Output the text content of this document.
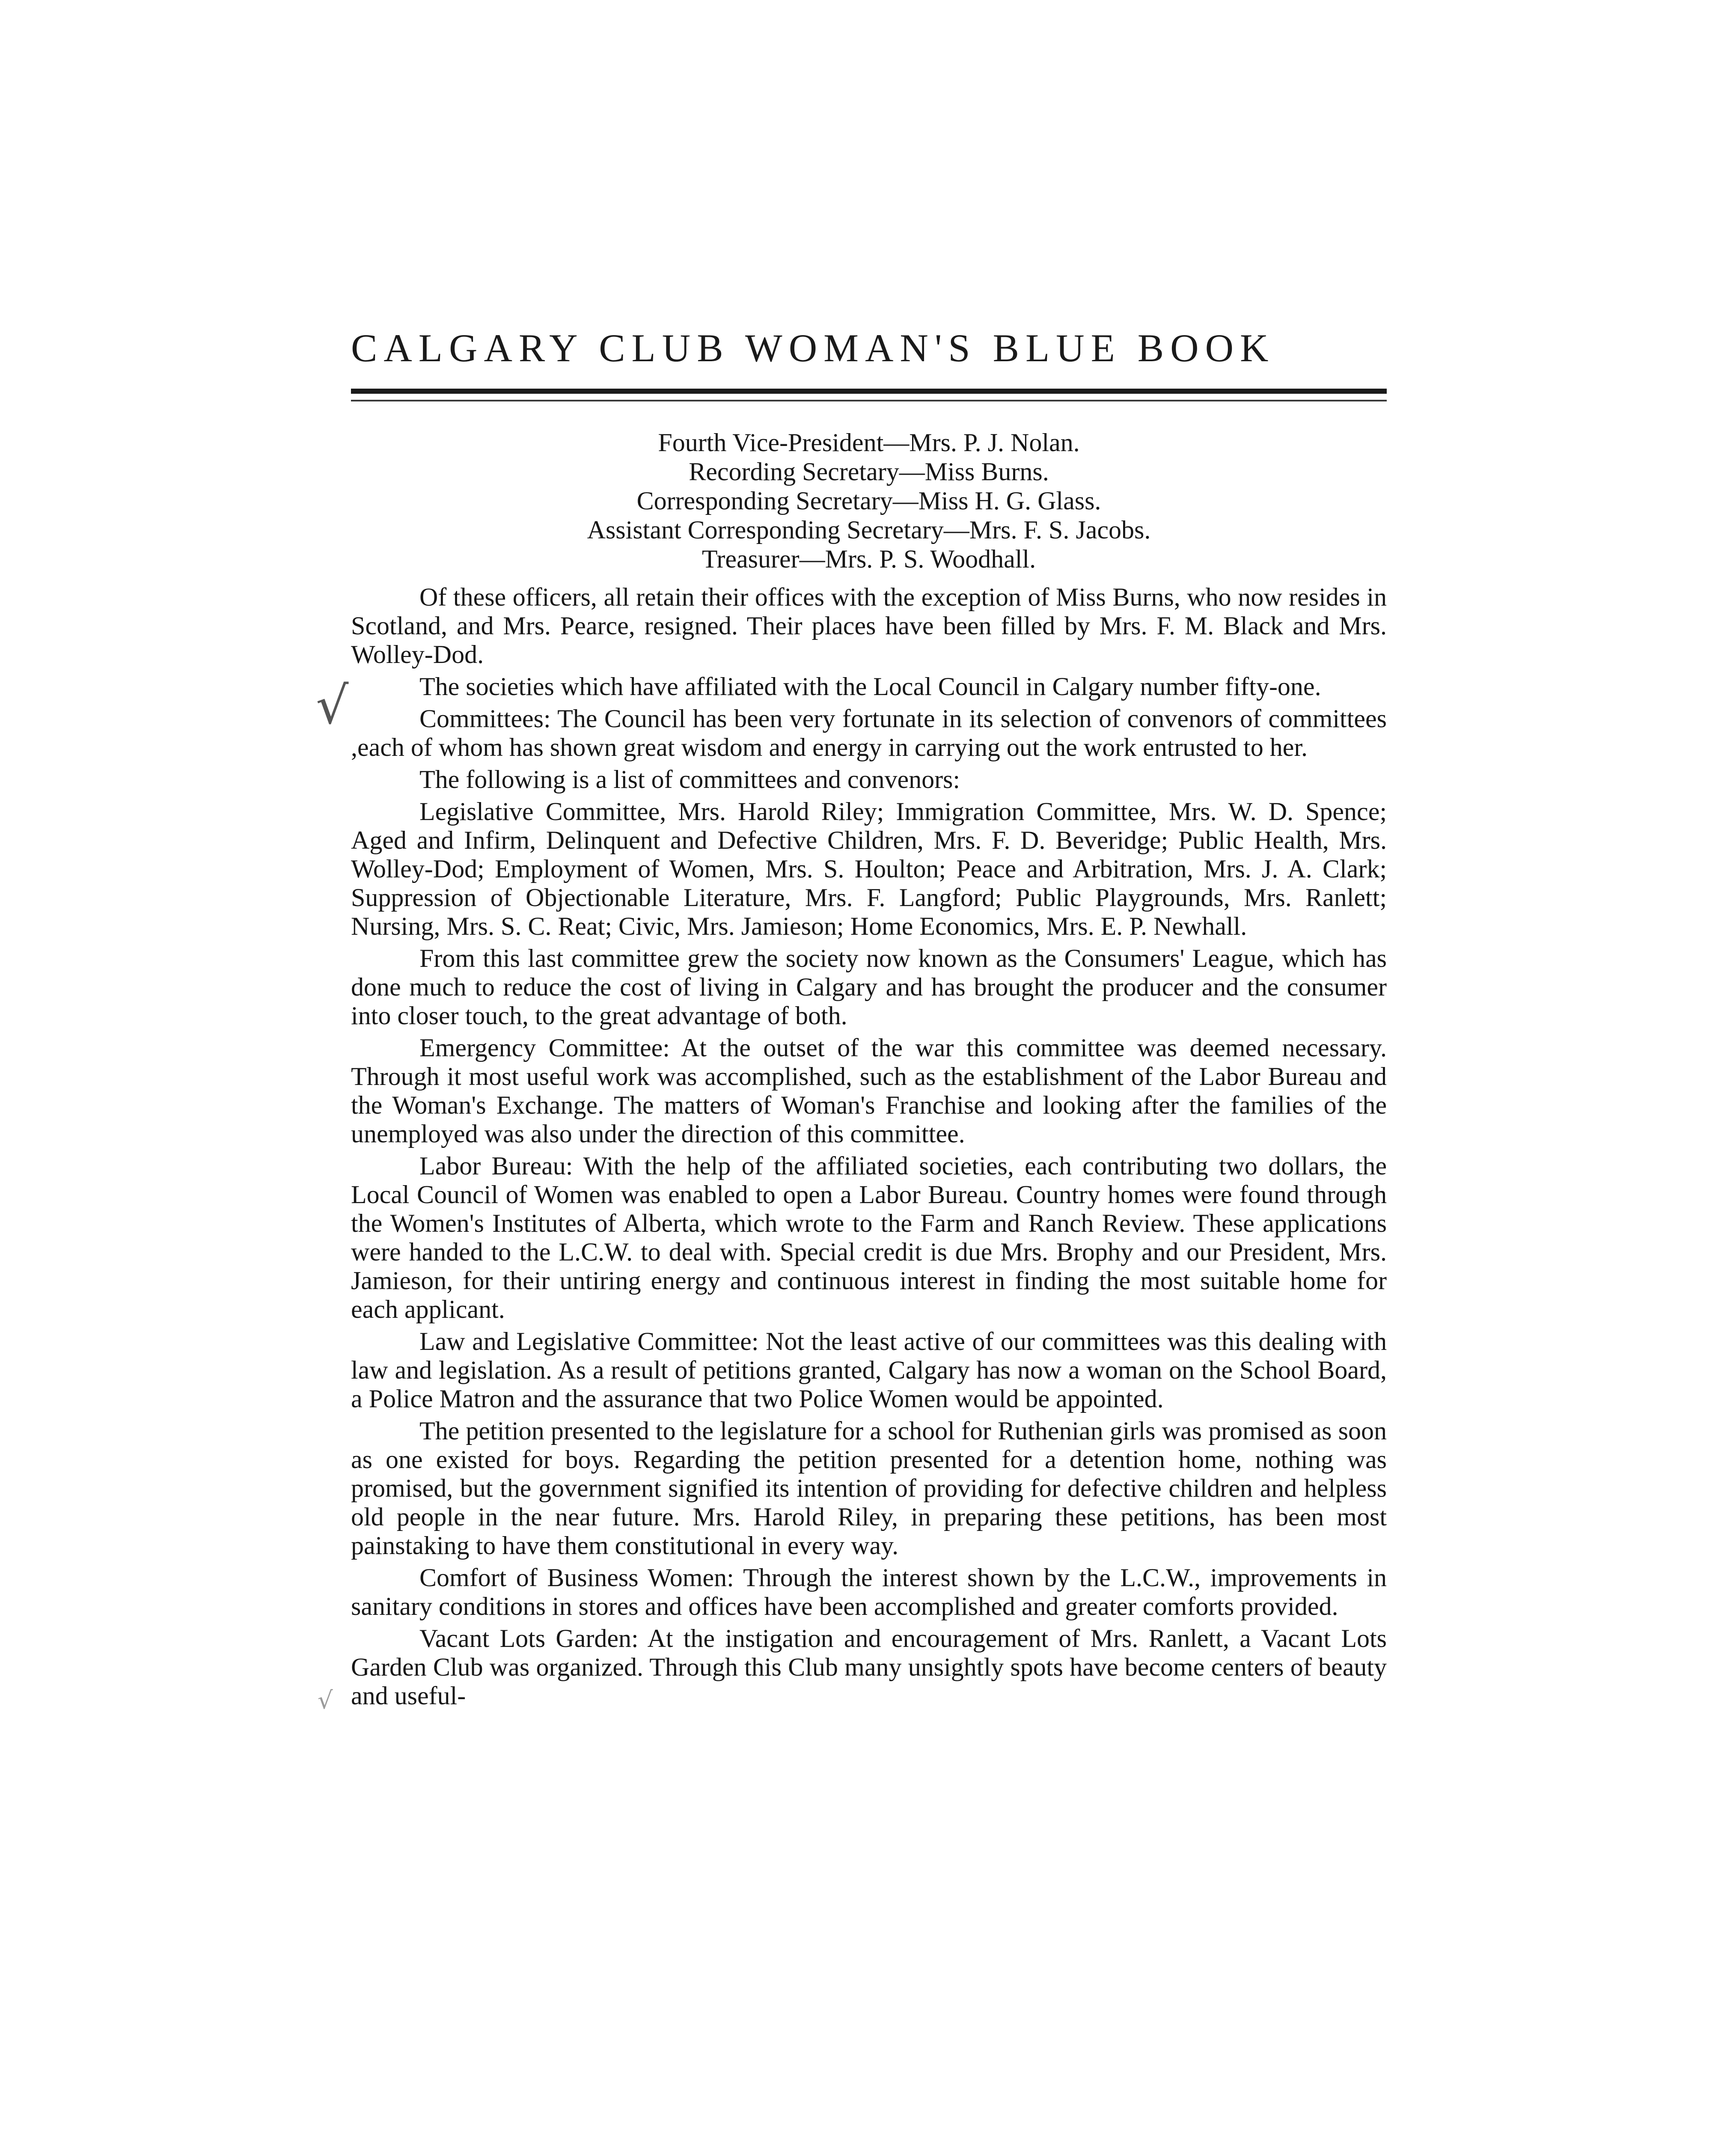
CALGARY CLUB WOMAN'S BLUE BOOK
Fourth Vice-President—Mrs. P. J. Nolan.
Recording Secretary—Miss Burns.
Corresponding Secretary—Miss H. G. Glass.
Assistant Corresponding Secretary—Mrs. F. S. Jacobs.
Treasurer—Mrs. P. S. Woodhall.
√
√

Of these officers, all retain their offices with the exception of Miss Burns, who now resides in Scotland, and Mrs. Pearce, resigned. Their places have been filled by Mrs. F. M. Black and Mrs. Wolley-Dod.

The societies which have affiliated with the Local Council in Calgary number fifty-one.

Committees: The Council has been very fortunate in its selection of convenors of committees ,each of whom has shown great wisdom and energy in carrying out the work entrusted to her.

The following is a list of committees and convenors:

Legislative Committee, Mrs. Harold Riley; Immigration Committee, Mrs. W. D. Spence; Aged and Infirm, Delinquent and Defective Children, Mrs. F. D. Beveridge; Public Health, Mrs. Wolley-Dod; Employment of Women, Mrs. S. Houlton; Peace and Arbitration, Mrs. J. A. Clark; Suppression of Objectionable Literature, Mrs. F. Langford; Public Playgrounds, Mrs. Ranlett; Nursing, Mrs. S. C. Reat; Civic, Mrs. Jamieson; Home Economics, Mrs. E. P. Newhall.

From this last committee grew the society now known as the Consumers' League, which has done much to reduce the cost of living in Calgary and has brought the producer and the consumer into closer touch, to the great advantage of both.

Emergency Committee: At the outset of the war this committee was deemed necessary. Through it most useful work was accomplished, such as the establishment of the Labor Bureau and the Woman's Exchange. The matters of Woman's Franchise and looking after the families of the unemployed was also under the direction of this committee.

Labor Bureau: With the help of the affiliated societies, each contributing two dollars, the Local Council of Women was enabled to open a Labor Bureau. Country homes were found through the Women's Institutes of Alberta, which wrote to the Farm and Ranch Review. These applications were handed to the L.C.W. to deal with. Special credit is due Mrs. Brophy and our President, Mrs. Jamieson, for their untiring energy and continuous interest in finding the most suitable home for each applicant.

Law and Legislative Committee: Not the least active of our committees was this dealing with law and legislation. As a result of petitions granted, Calgary has now a woman on the School Board, a Police Matron and the assurance that two Police Women would be appointed.

The petition presented to the legislature for a school for Ruthenian girls was promised as soon as one existed for boys. Regarding the petition presented for a detention home, nothing was promised, but the government signified its intention of providing for defective children and helpless old people in the near future. Mrs. Harold Riley, in preparing these petitions, has been most painstaking to have them constitutional in every way.

Comfort of Business Women: Through the interest shown by the L.C.W., improvements in sanitary conditions in stores and offices have been accomplished and greater comforts provided.

Vacant Lots Garden: At the instigation and encouragement of Mrs. Ranlett, a Vacant Lots Garden Club was organized. Through this Club many unsightly spots have become centers of beauty and useful-
